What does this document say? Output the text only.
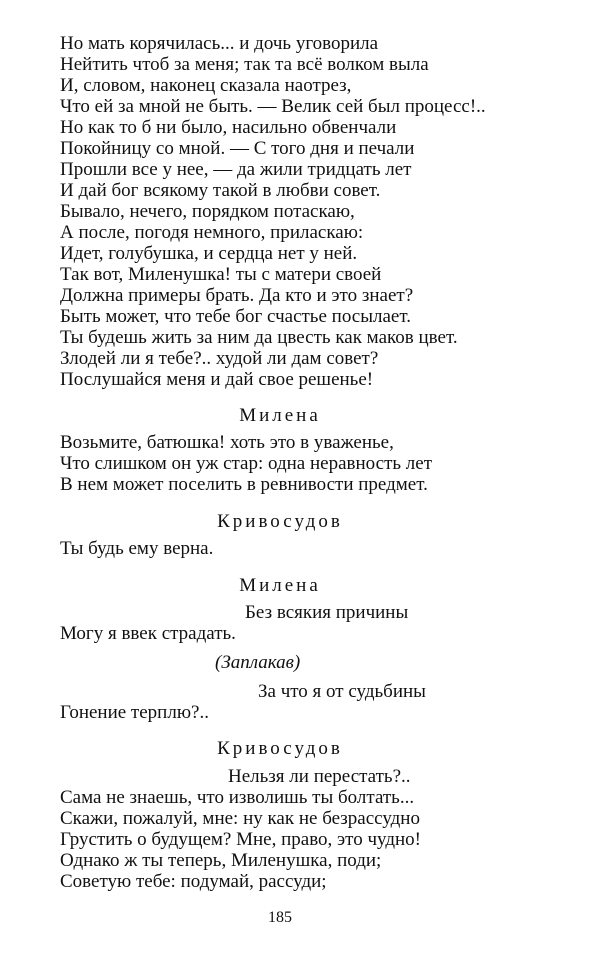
Но мать корячилась... и дочь уговорила
Нейтить чтоб за меня; так та всё волком выла
И, словом, наконец сказала наотрез,
Что ей за мной не быть. — Велик сей был процесс!..
Но как то б ни было, насильно обвенчали
Покойницу со мной. — С того дня и печали
Прошли все у нее, — да жили тридцать лет
И дай бог всякому такой в любви совет.
Бывало, нечего, порядком потаскаю,
А после, погодя немного, приласкаю:
Идет, голубушка, и сердца нет у ней.
Так вот, Миленушка! ты с матери своей
Должна примеры брать. Да кто и это знает?
Быть может, что тебе бог счастье посылает.
Ты будешь жить за ним да цвесть как маков цвет.
Злодей ли я тебе?.. худой ли дам совет?
Послушайся меня и дай свое решенье!
Милена
Возьмите, батюшка! хоть это в уваженье,
Что слишком он уж стар: одна неравность лет
В нем может поселить в ревнивости предмет.
Кривосудов
Ты будь ему верна.
Милена
Без всякия причины
Могу я ввек страдать.
(Заплакав)
За что я от судьбины
Гонение терплю?..
Кривосудов
Нельзя ли перестать?..
Сама не знаешь, что изволишь ты болтать...
Скажи, пожалуй, мне: ну как не безрассудно
Грустить о будущем? Мне, право, это чудно!
Однако ж ты теперь, Миленушка, поди;
Советую тебе: подумай, рассуди;
185
